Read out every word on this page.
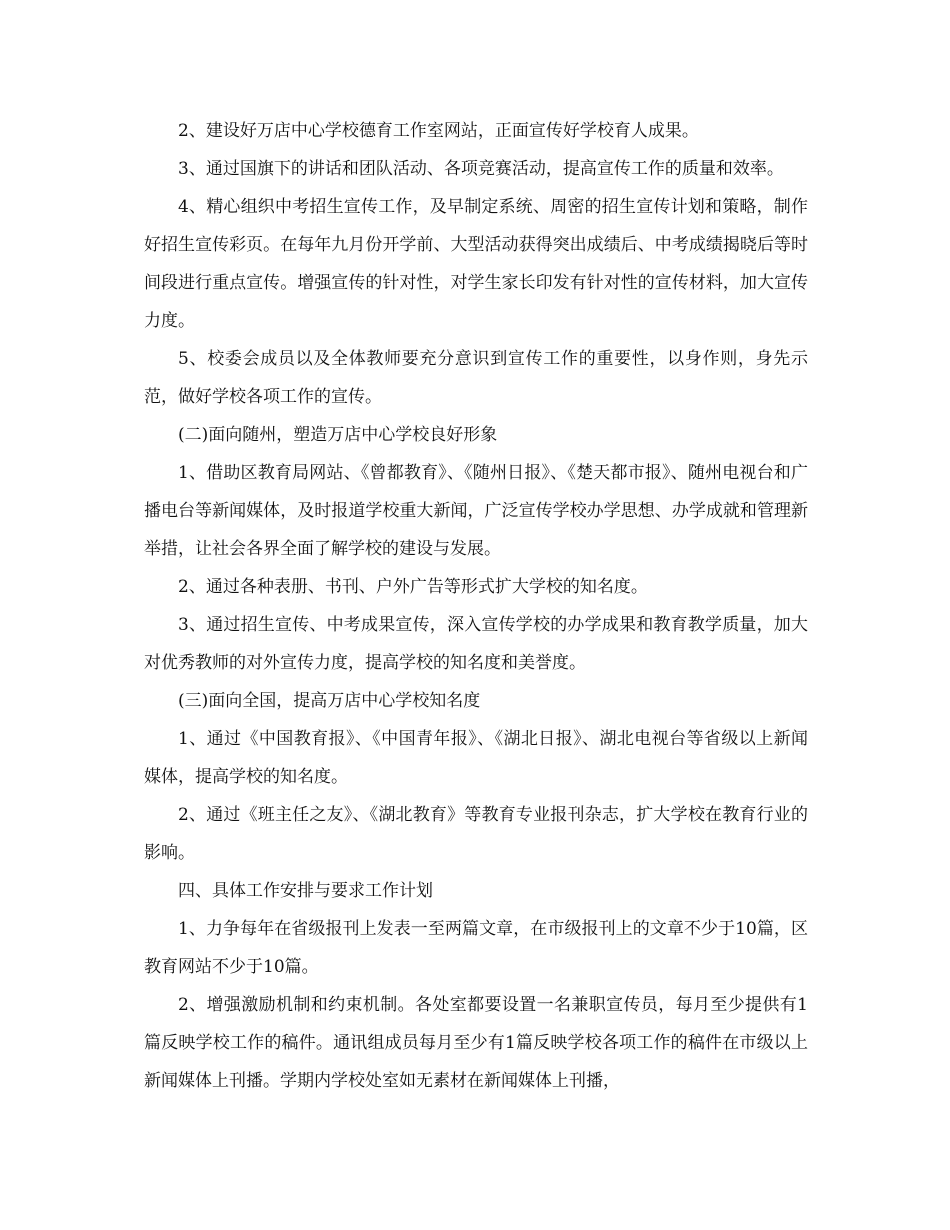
2、建设好万店中心学校德育工作室网站，正面宣传好学校育人成果。

3、通过国旗下的讲话和团队活动、各项竞赛活动，提高宣传工作的质量和效率。

4、精心组织中考招生宣传工作，及早制定系统、周密的招生宣传计划和策略，制作好招生宣传彩页。在每年九月份开学前、大型活动获得突出成绩后、中考成绩揭晓后等时间段进行重点宣传。增强宣传的针对性，对学生家长印发有针对性的宣传材料，加大宣传力度。

5、校委会成员以及全体教师要充分意识到宣传工作的重要性，以身作则，身先示范，做好学校各项工作的宣传。

(二)面向随州，塑造万店中心学校良好形象

1、借助区教育局网站、《曾都教育》、《随州日报》、《楚天都市报》、随州电视台和广播电台等新闻媒体，及时报道学校重大新闻，广泛宣传学校办学思想、办学成就和管理新举措，让社会各界全面了解学校的建设与发展。

2、通过各种表册、书刊、户外广告等形式扩大学校的知名度。

3、通过招生宣传、中考成果宣传，深入宣传学校的办学成果和教育教学质量，加大对优秀教师的对外宣传力度，提高学校的知名度和美誉度。

(三)面向全国，提高万店中心学校知名度

1、通过《中国教育报》、《中国青年报》、《湖北日报》、湖北电视台等省级以上新闻媒体，提高学校的知名度。

2、通过《班主任之友》、《湖北教育》等教育专业报刊杂志，扩大学校在教育行业的影响。

四、具体工作安排与要求工作计划

1、力争每年在省级报刊上发表一至两篇文章，在市级报刊上的文章不少于10篇，区教育网站不少于10篇。

2、增强激励机制和约束机制。各处室都要设置一名兼职宣传员，每月至少提供有1篇反映学校工作的稿件。通讯组成员每月至少有1篇反映学校各项工作的稿件在市级以上新闻媒体上刊播。学期内学校处室如无素材在新闻媒体上刊播，
